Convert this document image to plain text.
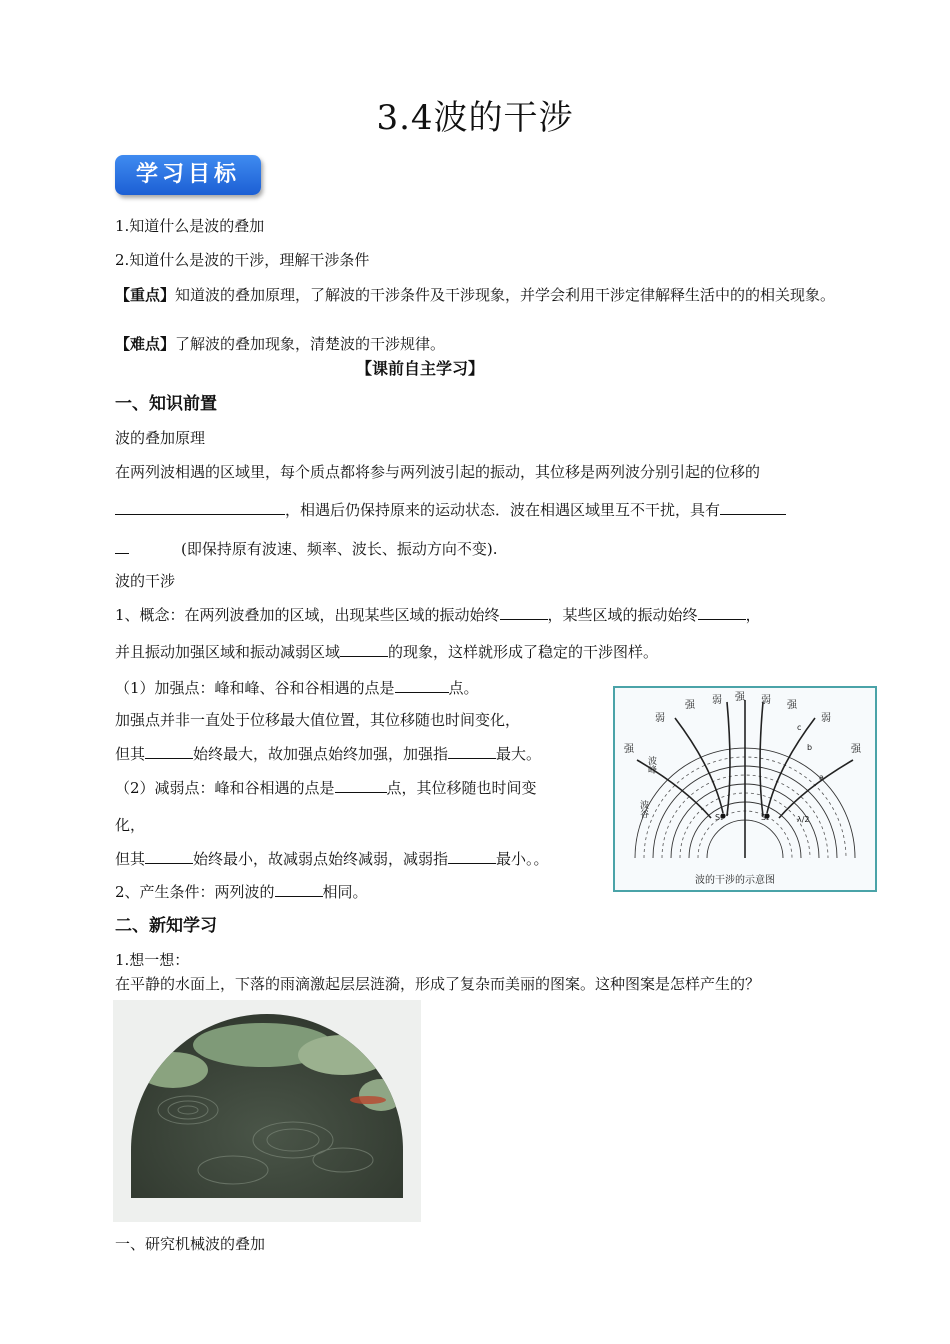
3.4波的干涉
学习目标
1.知道什么是波的叠加
2.知道什么是波的干涉，理解干涉条件
【重点】知道波的叠加原理，了解波的干涉条件及干涉现象，并学会利用干涉定律解释生活中的的相关现象。
【难点】了解波的叠加现象，清楚波的干涉规律。
【课前自主学习】
一、知识前置
波的叠加原理
在两列波相遇的区域里，每个质点都将参与两列波引起的振动，其位移是两列波分别引起的位移的
，相遇后仍保持原来的运动状态．波在相遇区域里互不干扰，具有
(即保持原有波速、频率、波长、振动方向不变).
波的干涉
1、概念：在两列波叠加的区域，出现某些区域的振动始终	，某些区域的振动始终	，
并且振动加强区域和振动减弱区域	的现象，这样就形成了稳定的干涉图样。
（1）加强点：峰和峰、谷和谷相遇的点是	点。
加强点并非一直处于位移最大值位置，其位移随也时间变化，
但其	始终最大，故加强点始终加强，加强指	最大。
（2）减弱点：峰和谷相遇的点是	点，其位移随也时间变
化，
但其	始终最小，故减弱点始终减弱，减弱指	最小。。
2、产生条件：两列波的	相同。
强
弱
强
弱
强
弱 强
弱
强
S₁	S₂
b
a
c
λ/2
波峰
波谷
波的干涉的示意图
二、新知学习
1.想一想：
在平静的水面上，下落的雨滴激起层层涟漪，形成了复杂而美丽的图案。这种图案是怎样产生的？
一、研究机械波的叠加
